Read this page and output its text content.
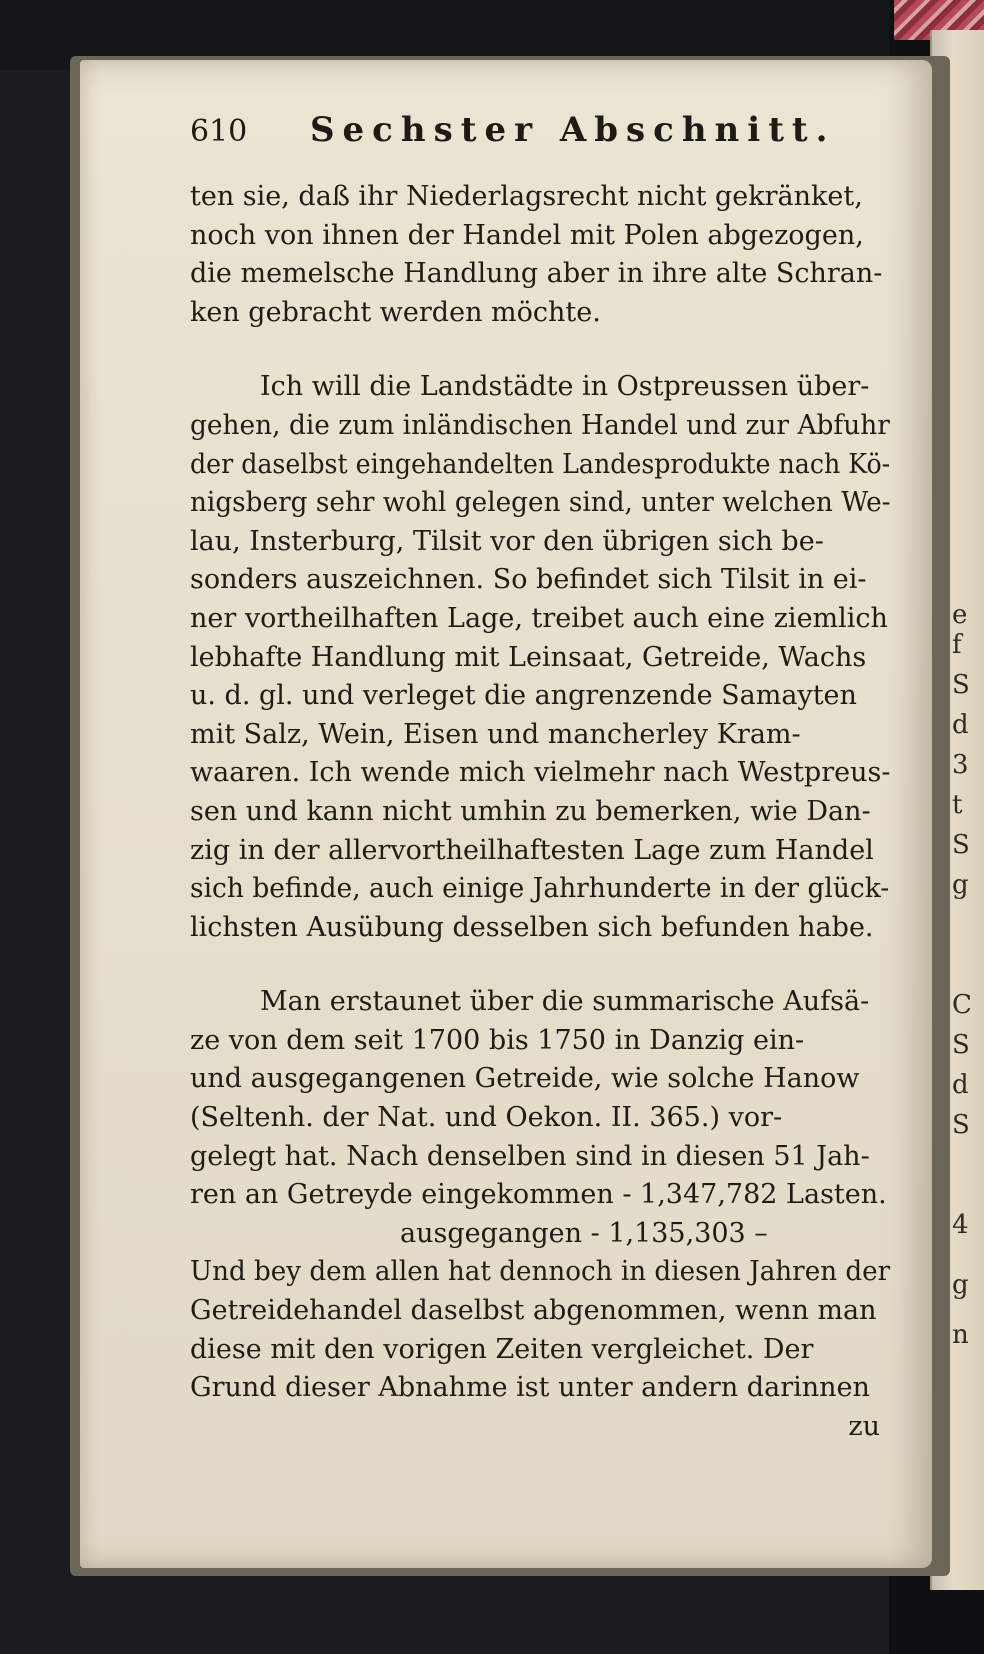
e
f
S
d
3
t
S
g
C
S
d
S
4
g
n
610	Sechster Abschnitt.
ten sie, daß ihr Niederlagsrecht nicht gekränket,
noch von ihnen der Handel mit Polen abgezogen,
die memelsche Handlung aber in ihre alte Schran-
ken gebracht werden möchte.
Ich will die Landstädte in Ostpreussen über-
gehen, die zum inländischen Handel und zur Abfuhr
der daselbst eingehandelten Landesprodukte nach Kö-
nigsberg sehr wohl gelegen sind, unter welchen We-
lau, Insterburg, Tilsit vor den übrigen sich be-
sonders auszeichnen. So befindet sich Tilsit in ei-
ner vortheilhaften Lage, treibet auch eine ziemlich
lebhafte Handlung mit Leinsaat, Getreide, Wachs
u. d. gl. und verleget die angrenzende Samayten
mit Salz, Wein, Eisen und mancherley Kram-
waaren. Ich wende mich vielmehr nach Westpreus-
sen und kann nicht umhin zu bemerken, wie Dan-
zig in der allervortheilhaftesten Lage zum Handel
sich befinde, auch einige Jahrhunderte in der glück-
lichsten Ausübung desselben sich befunden habe.
Man erstaunet über die summarische Aufsä-
ze von dem seit 1700 bis 1750 in Danzig ein-
und ausgegangenen Getreide, wie solche Hanow
(Seltenh. der Nat. und Oekon. II. 365.) vor-
gelegt hat. Nach denselben sind in diesen 51 Jah-
ren an Getreyde eingekommen - 1,347,782 Lasten.
ausgegangen - 1,135,303 –
Und bey dem allen hat dennoch in diesen Jahren der
Getreidehandel daselbst abgenommen, wenn man
diese mit den vorigen Zeiten vergleichet. Der
Grund dieser Abnahme ist unter andern darinnen
zu
